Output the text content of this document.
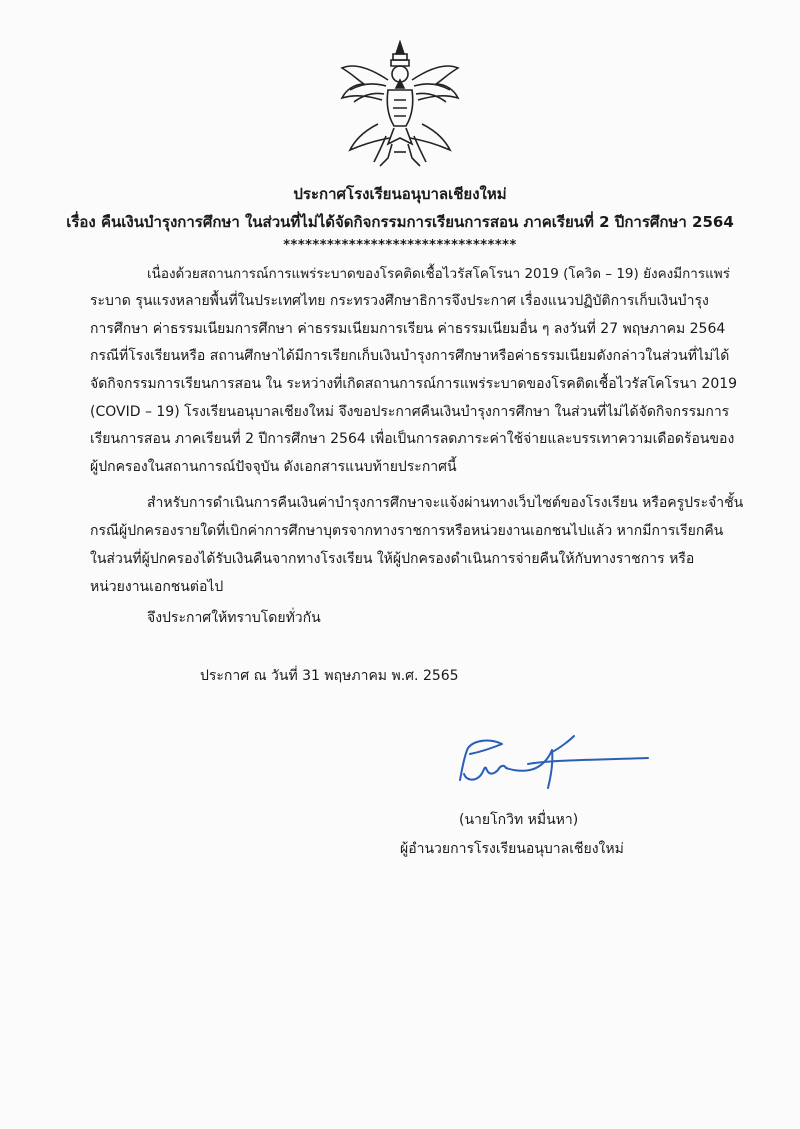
ประกาศโรงเรียนอนุบาลเชียงใหม่
เรื่อง คืนเงินบำรุงการศึกษา ในส่วนที่ไม่ได้จัดกิจกรรมการเรียนการสอน ภาคเรียนที่ 2 ปีการศึกษา 2564
********************************
เนื่องด้วยสถานการณ์การแพร่ระบาดของโรคติดเชื้อไวรัสโคโรนา 2019 (โควิด – 19) ยังคงมีการแพร่
ระบาด รุนแรงหลายพื้นที่ในประเทศไทย กระทรวงศึกษาธิการจึงประกาศ เรื่องแนวปฏิบัติการเก็บเงินบำรุง
การศึกษา ค่าธรรมเนียมการศึกษา ค่าธรรมเนียมการเรียน ค่าธรรมเนียมอื่น ๆ ลงวันที่ 27 พฤษภาคม 2564
กรณีที่โรงเรียนหรือ สถานศึกษาได้มีการเรียกเก็บเงินบำรุงการศึกษาหรือค่าธรรมเนียมดังกล่าวในส่วนที่ไม่ได้
จัดกิจกรรมการเรียนการสอน ใน ระหว่างที่เกิดสถานการณ์การแพร่ระบาดของโรคติดเชื้อไวรัสโคโรนา 2019
(COVID – 19) โรงเรียนอนุบาลเชียงใหม่ จึงขอประกาศคืนเงินบำรุงการศึกษา ในส่วนที่ไม่ได้จัดกิจกรรมการ
เรียนการสอน ภาคเรียนที่ 2 ปีการศึกษา 2564 เพื่อเป็นการลดภาระค่าใช้จ่ายและบรรเทาความเดือดร้อนของ
ผู้ปกครองในสถานการณ์ปัจจุบัน ดังเอกสารแนบท้ายประกาศนี้
สำหรับการดำเนินการคืนเงินค่าบำรุงการศึกษาจะแจ้งผ่านทางเว็บไซต์ของโรงเรียน หรือครูประจำชั้น
กรณีผู้ปกครองรายใดที่เบิกค่าการศึกษาบุตรจากทางราชการหรือหน่วยงานเอกชนไปแล้ว หากมีการเรียกคืน
ในส่วนที่ผู้ปกครองได้รับเงินคืนจากทางโรงเรียน ให้ผู้ปกครองดำเนินการจ่ายคืนให้กับทางราชการ หรือ
หน่วยงานเอกชนต่อไป
จึงประกาศให้ทราบโดยทั่วกัน
ประกาศ ณ วันที่ 31 พฤษภาคม พ.ศ. 2565
(นายโกวิท หมื่นหา)
ผู้อำนวยการโรงเรียนอนุบาลเชียงใหม่
